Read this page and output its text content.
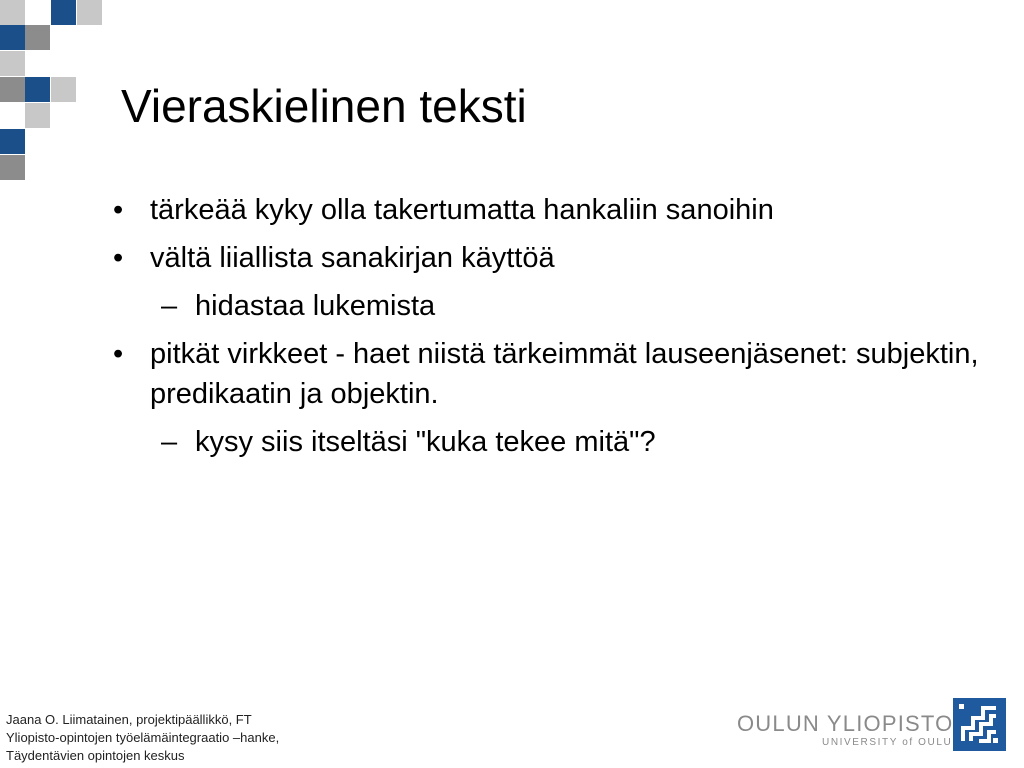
Vieraskielinen teksti
• tärkeää kyky olla takertumatta hankaliin sanoihin
• vältä liiallista sanakirjan käyttöä
– hidastaa lukemista
• pitkät virkkeet - haet niistä tärkeimmät lauseenjäsenet: subjektin, predikaatin ja objektin.
– kysy siis itseltäsi "kuka tekee mitä"?
Jaana O. Liimatainen, projektipäällikkö, FT
Yliopisto-opintojen työelämäintegraatio –hanke,
Täydentävien opintojen keskus
OULUN YLIOPISTO
UNIVERSITY of OULU
